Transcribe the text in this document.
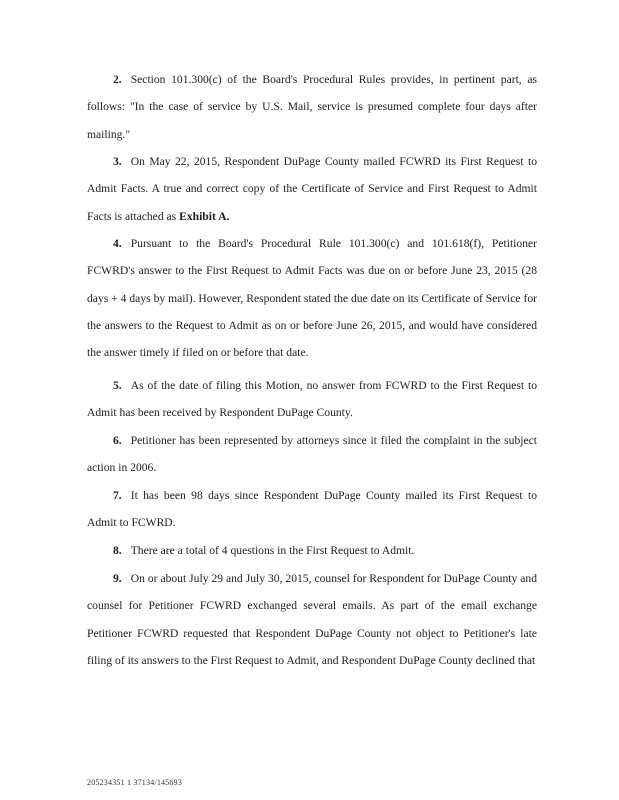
2. Section 101.300(c) of the Board's Procedural Rules provides, in pertinent part, as follows: "In the case of service by U.S. Mail, service is presumed complete four days after mailing."

3. On May 22, 2015, Respondent DuPage County mailed FCWRD its First Request to Admit Facts. A true and correct copy of the Certificate of Service and First Request to Admit Facts is attached as Exhibit A.

4. Pursuant to the Board's Procedural Rule 101.300(c) and 101.618(f), Petitioner FCWRD's answer to the First Request to Admit Facts was due on or before June 23, 2015 (28 days + 4 days by mail). However, Respondent stated the due date on its Certificate of Service for the answers to the Request to Admit as on or before June 26, 2015, and would have considered the answer timely if filed on or before that date.

5. As of the date of filing this Motion, no answer from FCWRD to the First Request to Admit has been received by Respondent DuPage County.

6. Petitioner has been represented by attorneys since it filed the complaint in the subject action in 2006.

7. It has been 98 days since Respondent DuPage County mailed its First Request to Admit to FCWRD.

8. There are a total of 4 questions in the First Request to Admit.

9. On or about July 29 and July 30, 2015, counsel for Respondent for DuPage County and counsel for Petitioner FCWRD exchanged several emails. As part of the email exchange Petitioner FCWRD requested that Respondent DuPage County not object to Petitioner's late filing of its answers to the First Request to Admit, and Respondent DuPage County declined that

205234351 1 37134/145693
